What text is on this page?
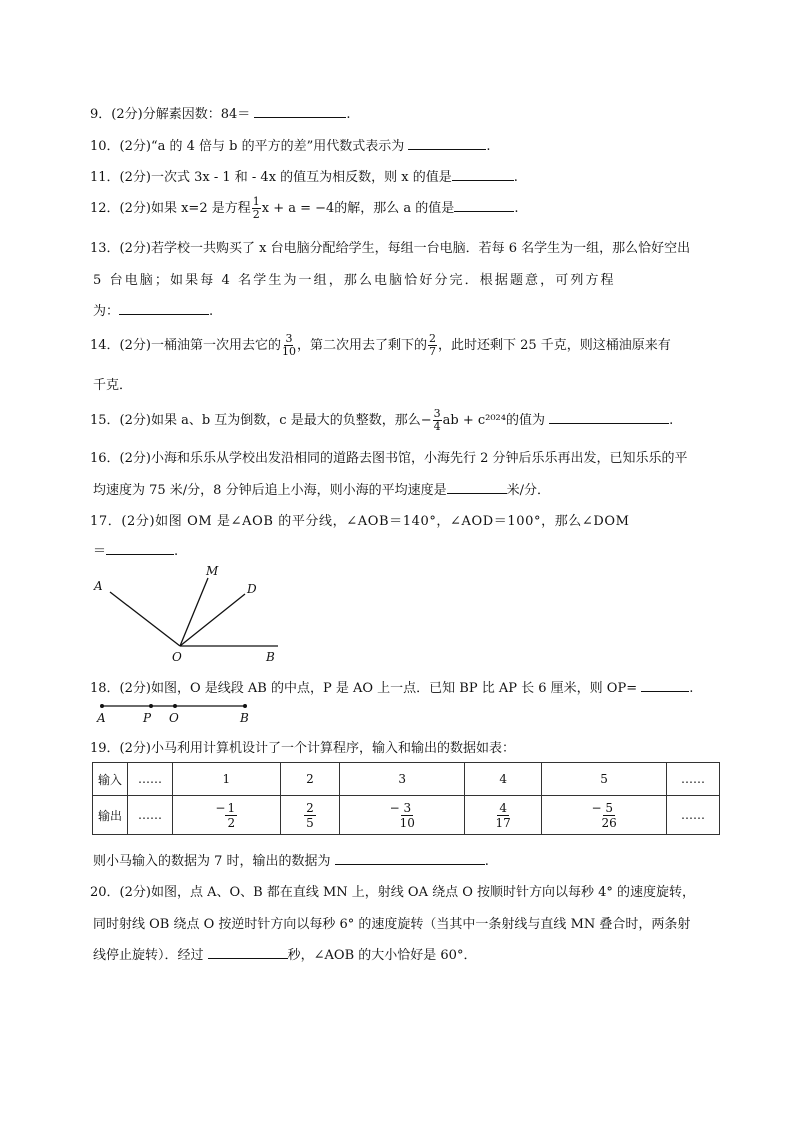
9．(2分)分解素因数：84＝	.
10．(2分)“a 的 4 倍与 b 的平方的差”用代数式表示为	.
11．(2分)一次式 3x - 1 和 - 4x 的值互为相反数，则 x 的值是	.
12．(2分)如果 x=2 是方程 $\frac{1}{2}$ x + a = −4的解，那么 a 的值是	.
13．(2分)若学校一共购买了 x 台电脑分配给学生，每组一台电脑．若每 6 名学生为一组，那么恰好空出
5 台电脑；如果每 4 名学生为一组，那么电脑恰好分完．根据题意，可列方程
为：	.
14．(2分)一桶油第一次用去它的 $\frac{3}{10}$ ，第二次用去了剩下的 $\frac{2}{7}$ ，此时还剩下 25 千克，则这桶油原来有
千克．
15．(2分)如果 a、b 互为倒数，c 是最大的负整数，那么− $\frac{3}{4}$ ab + c²⁰²⁴的值为	.
16．(2分)小海和乐乐从学校出发沿相同的道路去图书馆，小海先行 2 分钟后乐乐再出发，已知乐乐的平
均速度为 75 米/分，8 分钟后追上小海，则小海的平均速度是	米/分．
17．(2分)如图 OM 是∠AOB 的平分线，∠AOB＝140°，∠AOD＝100°，那么∠DOM
＝	.
A
M
D
O	B
18．(2分)如图，O 是线段 AB 的中点，P 是 AO 上一点．已知 BP 比 AP 长 6 厘米，则 OP=	.
A	P O	B
19．(2分)小马利用计算机设计了一个计算程序，输入和输出的数据如表：
输入	……	1	2	3	4	5	……
输出	……	− $\frac{1}{2}$	$\frac{2}{5}$	− $\frac{3}{10}$	$\frac{4}{17}$	− $\frac{5}{26}$	……
则小马输入的数据为 7 时，输出的数据为	.
20．(2分)如图，点 A、O、B 都在直线 MN 上，射线 OA 绕点 O 按顺时针方向以每秒 4° 的速度旋转，
同时射线 OB 绕点 O 按逆时针方向以每秒 6° 的速度旋转（当其中一条射线与直线 MN 叠合时，两条射
线停止旋转）．经过	秒，∠AOB 的大小恰好是 60°．
